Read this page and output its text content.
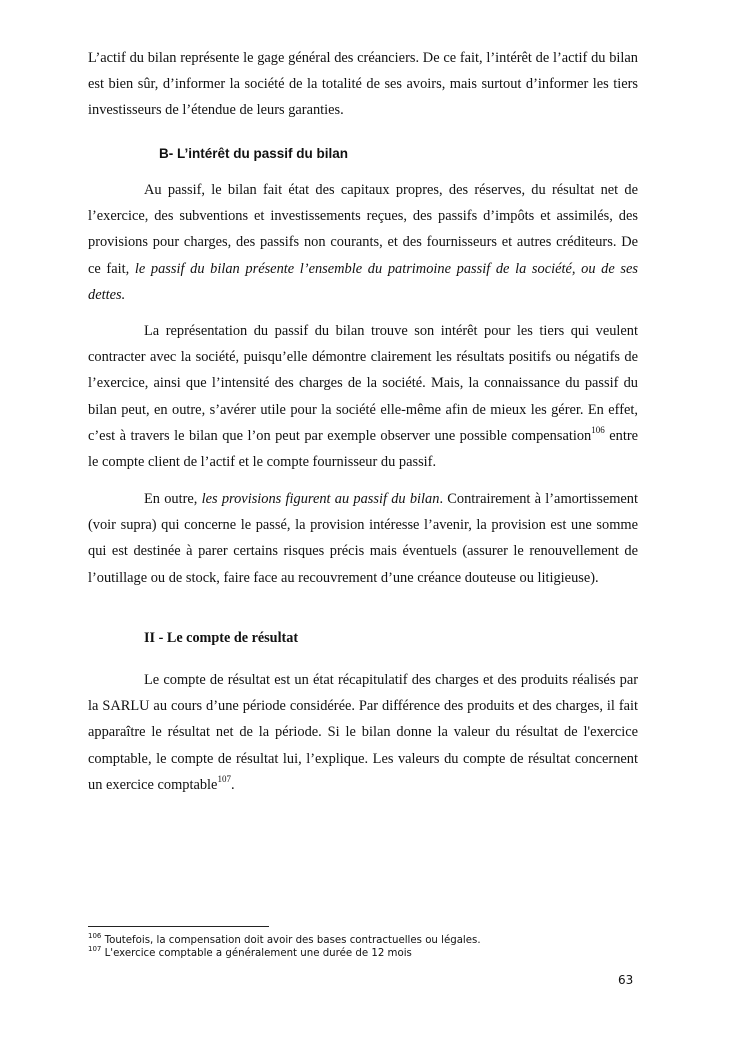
L’actif du bilan représente le gage général des créanciers. De ce fait, l’intérêt de l’actif du bilan est bien sûr, d’informer la société de la totalité de ses avoirs, mais surtout d’informer les tiers investisseurs de l’étendue de leurs garanties.

B- L’intérêt du passif du bilan

Au passif, le bilan fait état des capitaux propres, des réserves, du résultat net de l’exercice, des subventions et investissements reçues, des passifs d’impôts et assimilés, des provisions pour charges, des passifs non courants, et des fournisseurs et autres créditeurs. De ce fait, le passif du bilan présente l’ensemble du patrimoine passif de la société, ou de ses dettes.

La représentation du passif du bilan trouve son intérêt pour les tiers qui veulent contracter avec la société, puisqu’elle démontre clairement les résultats positifs ou négatifs de l’exercice, ainsi que l’intensité des charges de la société. Mais, la connaissance du passif du bilan peut, en outre, s’avérer utile pour la société elle-même afin de mieux les gérer. En effet, c’est à travers le bilan que l’on peut par exemple observer une possible compensation$^{106}$ entre le compte client de l’actif et le compte fournisseur du passif.

En outre, les provisions figurent au passif du bilan. Contrairement à l’amortissement (voir supra) qui concerne le passé, la provision intéresse l’avenir, la provision est une somme qui est destinée à parer certains risques précis mais éventuels (assurer le renouvellement de l’outillage ou de stock, faire face au recouvrement d’une créance douteuse ou litigieuse).

II - Le compte de résultat

Le compte de résultat est un état récapitulatif des charges et des produits réalisés par la SARLU au cours d’une période considérée. Par différence des produits et des charges, il fait apparaître le résultat net de la période. Si le bilan donne la valeur du résultat de l'exercice comptable, le compte de résultat lui, l’explique. Les valeurs du compte de résultat concernent un exercice comptable$^{107}$.

$^{106}$ Toutefois, la compensation doit avoir des bases contractuelles ou légales.
$^{107}$ L'exercice comptable a généralement une durée de 12 mois
63
